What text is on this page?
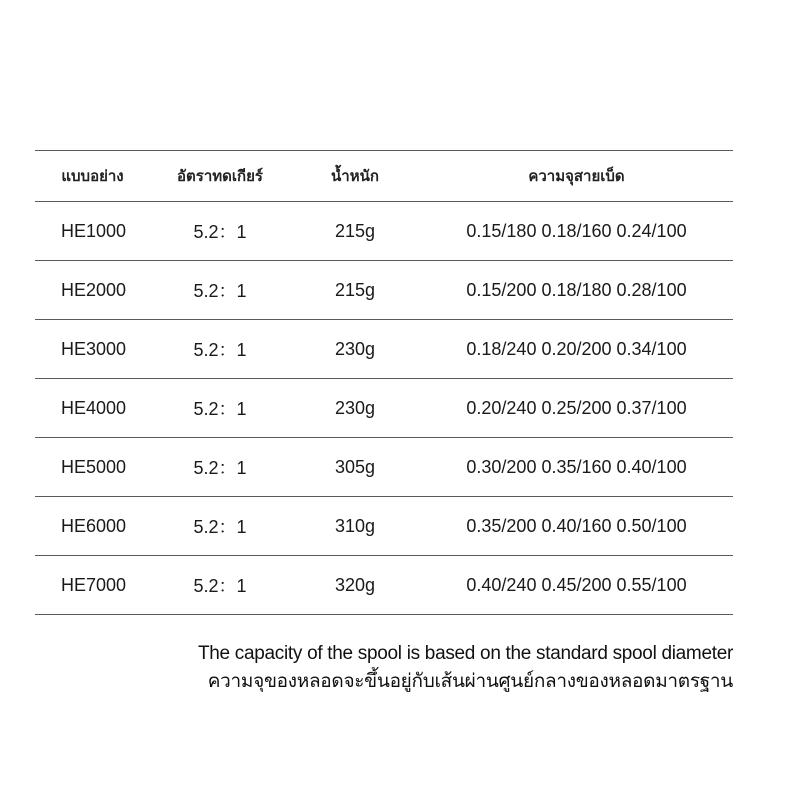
แบบอย่าง	อัตราทดเกียร์	น้ำหนัก	ความจุสายเบ็ด
HE1000	5.2：1	215g	0.15/180 0.18/160 0.24/100
HE2000	5.2：1	215g	0.15/200 0.18/180 0.28/100
HE3000	5.2：1	230g	0.18/240 0.20/200 0.34/100
HE4000	5.2：1	230g	0.20/240 0.25/200 0.37/100
HE5000	5.2：1	305g	0.30/200 0.35/160 0.40/100
HE6000	5.2：1	310g	0.35/200 0.40/160 0.50/100
HE7000	5.2：1	320g	0.40/240 0.45/200 0.55/100
The capacity of the spool is based on the standard spool diameter
ความจุของหลอดจะขึ้นอยู่กับเส้นผ่านศูนย์กลางของหลอดมาตรฐาน
